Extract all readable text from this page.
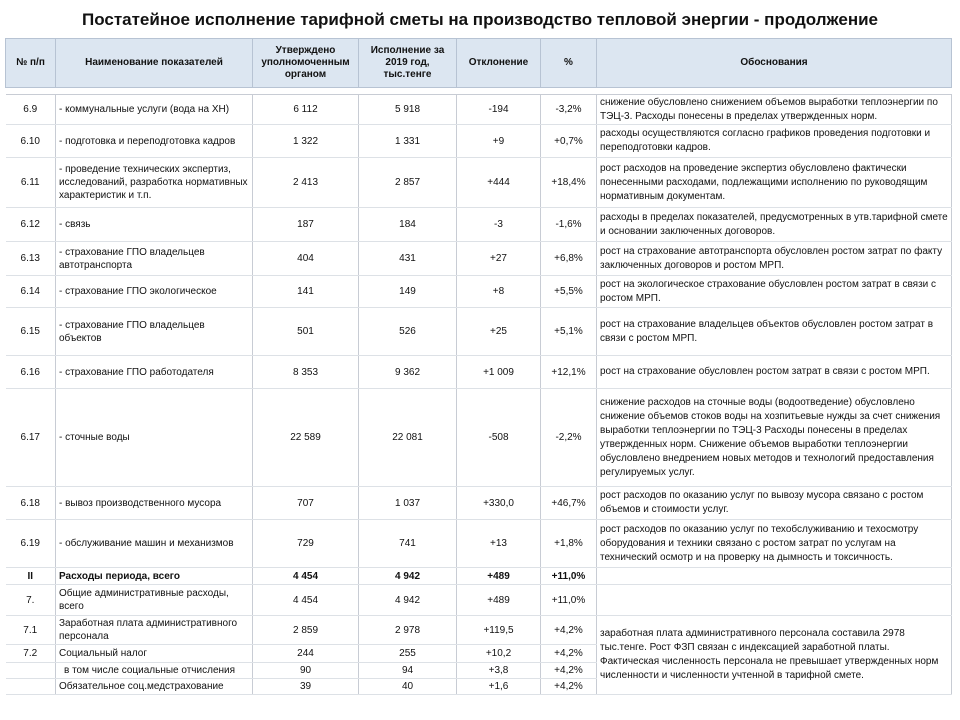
Постатейное исполнение тарифной сметы на производство тепловой энергии - продолжение
№ п/п	Наименование показателей	Утверждено уполномоченным органом	Исполнение за 2019 год, тыс.тенге	Отклонение	%	Обоснования

6.9	- коммунальные услуги (вода на ХН)	6 112	5 918	-194	-3,2%	снижение обусловлено снижением объемов выработки теплоэнергии по ТЭЦ-3. Расходы понесены в пределах утвержденных норм.
6.10	- подготовка и переподготовка кадров	1 322	1 331	+9	+0,7%	расходы осуществляются согласно графиков проведения подготовки и переподготовки кадров.
6.11	- проведение технических экспертиз, исследований, разработка нормативных характеристик и т.п.	2 413	2 857	+444	+18,4%	рост расходов на проведение экспертиз обусловлено фактически понесенными расходами, подлежащими исполнению по руководящим нормативным документам.
6.12	- связь	187	184	-3	-1,6%	расходы в пределах показателей, предусмотренных в утв.тарифной смете и основании заключенных договоров.
6.13	- страхование ГПО владельцев автотранспорта	404	431	+27	+6,8%	рост на страхование автотранспорта обусловлен ростом затрат по факту заключенных договоров и ростом МРП.
6.14	- страхование ГПО экологическое	141	149	+8	+5,5%	рост на экологическое страхование обусловлен ростом затрат в связи с ростом МРП.
6.15	- страхование ГПО владельцев объектов	501	526	+25	+5,1%	рост на страхование владельцев объектов обусловлен ростом затрат в связи с ростом МРП.
6.16	- страхование ГПО работодателя	8 353	9 362	+1 009	+12,1%	рост на страхование обусловлен ростом затрат в связи с ростом МРП.
6.17	- сточные воды	22 589	22 081	-508	-2,2%	снижение расходов на сточные воды (водоотведение) обусловлено снижение объемов стоков воды на хозпитьевые нужды за счет снижения выработки теплоэнергии по ТЭЦ-3 Расходы понесены в пределах утвержденных норм. Снижение объемов выработки теплоэнергии обусловлено внедрением новых методов и технологий предоставления регулируемых услуг.
6.18	- вывоз производственного мусора	707	1 037	+330,0	+46,7%	рост расходов по оказанию услуг по вывозу мусора связано с ростом объемов и стоимости услуг.
6.19	- обслуживание машин и механизмов	729	741	+13	+1,8%	рост расходов по оказанию услуг по техобслуживанию и техосмотру оборудования и техники связано с ростом затрат по услугам на технический осмотр и на проверку на дымность и токсичность.
II	Расходы периода, всего	4 454	4 942	+489	+11,0%	
7.	Общие административные расходы, всего	4 454	4 942	+489	+11,0%	
7.1	Заработная плата административного персонала	2 859	2 978	+119,5	+4,2%	заработная плата административного персонала составила 2978 тыс.тенге. Рост ФЗП связан с индексацией заработной платы. Фактическая численность персонала не превышает утвержденных норм численности и численности учтенной в тарифной смете.
7.2	Социальный налог	244	255	+10,2	+4,2%	
	в том числе социальные отчисления	90	94	+3,8	+4,2%	
	Обязательное соц.медстрахование	39	40	+1,6	+4,2%	
